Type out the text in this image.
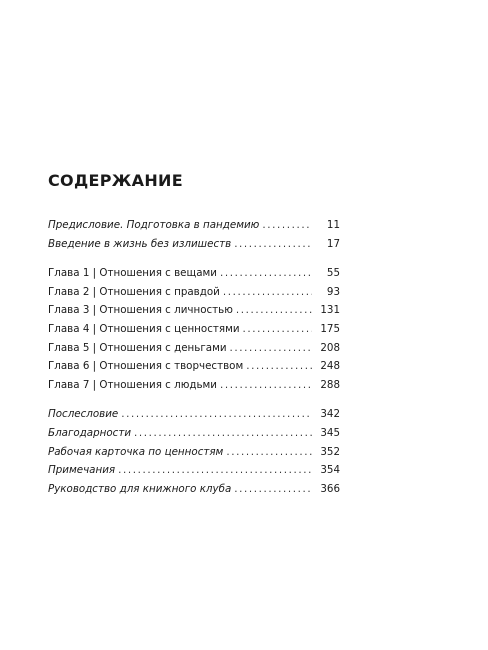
СОДЕРЖАНИЕ
Предисловие. Подготовка в пандемию .....	11
Введение в жизнь без излишеств .....	17
Глава 1 | Отношения с вещами .....	55
Глава 2 | Отношения с правдой .....	93
Глава 3 | Отношения с личностью .....	131
Глава 4 | Отношения с ценностями .....	175
Глава 5 | Отношения с деньгами .....	208
Глава 6 | Отношения с творчеством .....	248
Глава 7 | Отношения с людьми .....	288
Послесловие .....	342
Благодарности .....	345
Рабочая карточка по ценностям .....	352
Примечания .....	354
Руководство для книжного клуба .....	366
